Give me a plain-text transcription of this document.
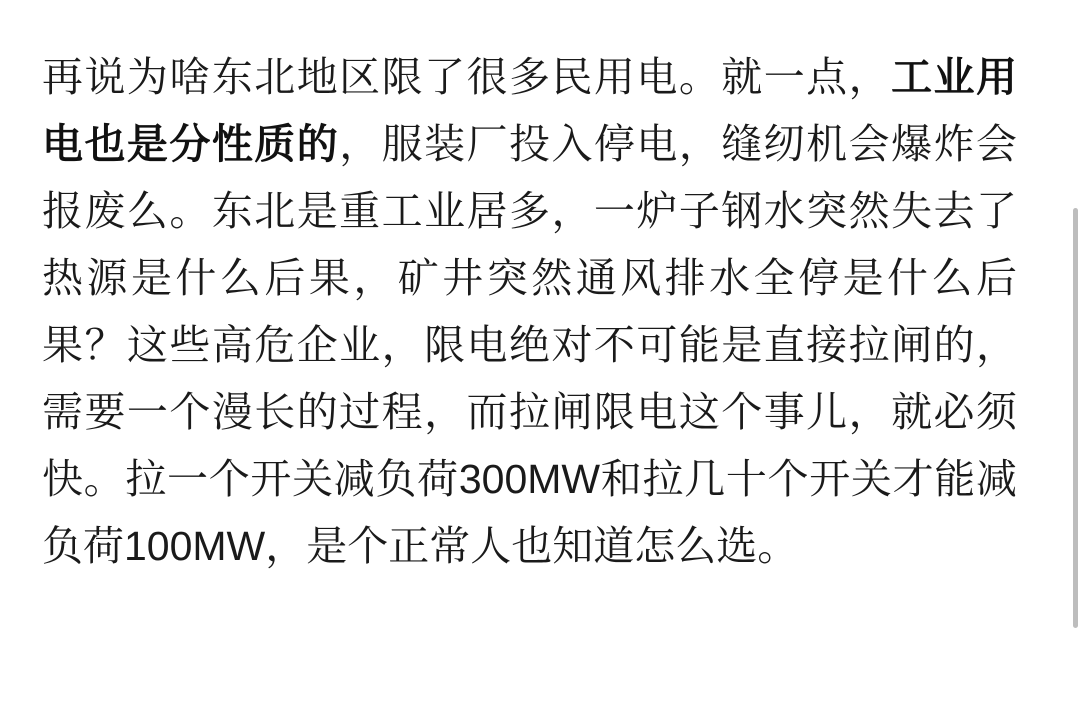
再说为啥东北地区限了很多民用电。就一点，工业用电也是分性质的，服装厂投入停电，缝纫机会爆炸会报废么。东北是重工业居多，一炉子钢水突然失去了热源是什么后果，矿井突然通风排水全停是什么后果？这些高危企业，限电绝对不可能是直接拉闸的，需要一个漫长的过程，而拉闸限电这个事儿，就必须快。拉一个开关减负荷300MW和拉几十个开关才能减负荷100MW，是个正常人也知道怎么选。
